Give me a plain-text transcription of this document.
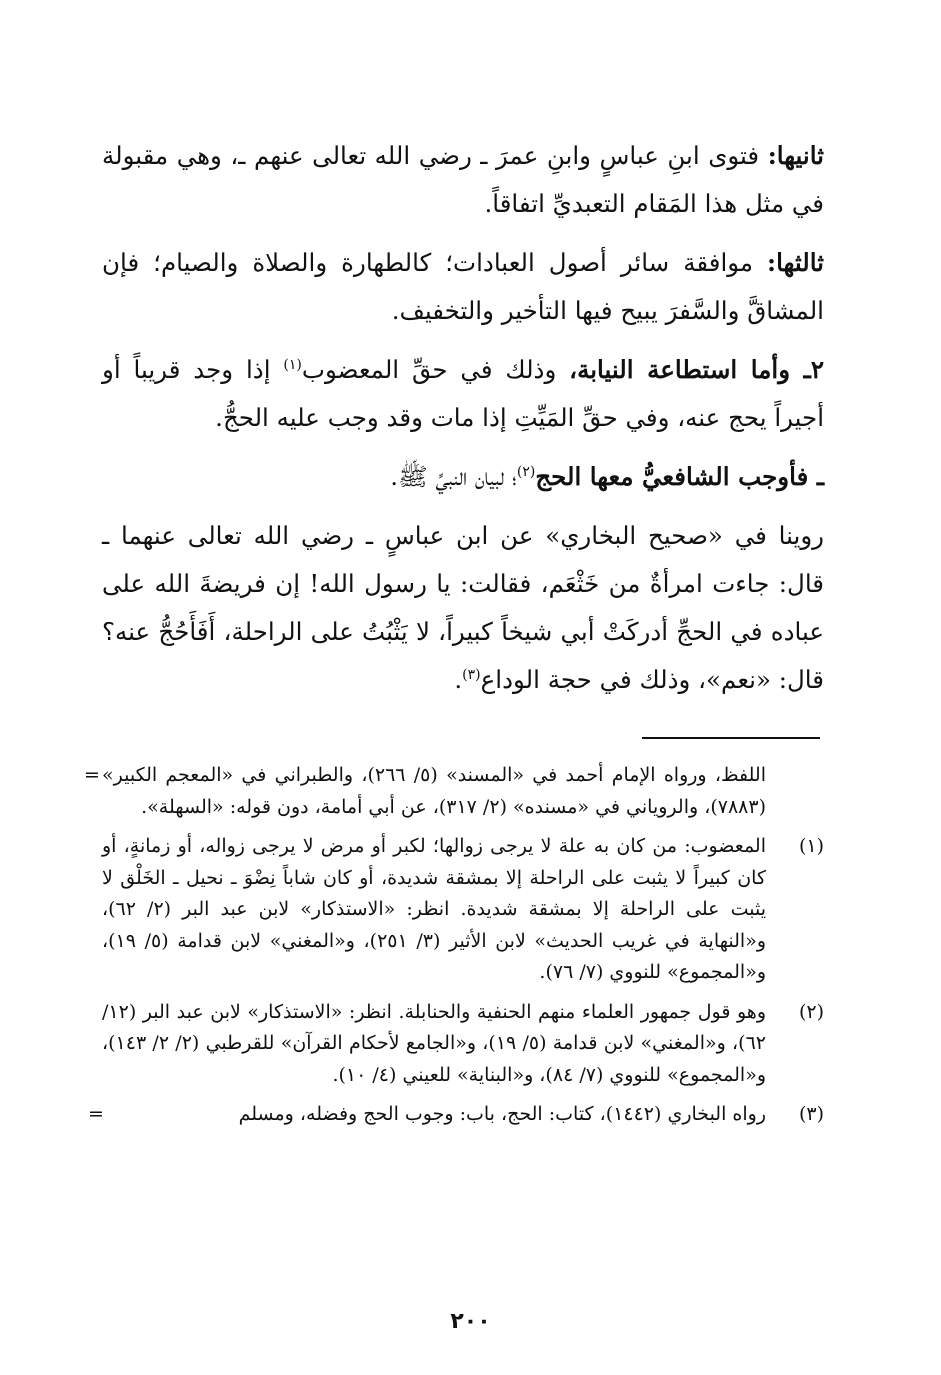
ثانيها: فتوى ابنِ عباسٍ وابنِ عمرَ ـ رضي الله تعالى عنهم ـ، وهي مقبولة في مثل هذا المَقام التعبديِّ اتفاقاً.

ثالثها: موافقة سائر أصول العبادات؛ كالطهارة والصلاة والصيام؛ فإن المشاقَّ والسَّفرَ يبيح فيها التأخير والتخفيف.

٢ـ وأما استطاعة النيابة، وذلك في حقِّ المعضوب$^{(١)}$ إذا وجد قريباً أو أجيراً يحج عنه، وفي حقِّ المَيِّتِ إذا مات وقد وجب عليه الحجُّ.

ـ فأوجب الشافعيُّ معها الحج$^{(٢)}$؛ لبيان النبيِّ ﷺ.

روينا في «صحيح البخاري» عن ابن عباسٍ ـ رضي الله تعالى عنهما ـ قال: جاءت امرأةٌ من خَثْعَم، فقالت: يا رسول الله! إن فريضةَ الله على عباده في الحجِّ أدركَتْ أبي شيخاً كبيراً، لا يَثْبُتُ على الراحلة، أَفَأَحُجُّ عنه؟ قال: «نعم»، وذلك في حجة الوداع$^{(٣)}$.

= اللفظ، ورواه الإمام أحمد في «المسند» (٥/ ٢٦٦)، والطبراني في «المعجم الكبير» (٧٨٨٣)، والروياني في «مسنده» (٢/ ٣١٧)، عن أبي أمامة، دون قوله: «السهلة».
(١)
المعضوب: من كان به علة لا يرجى زوالها؛ لكبر أو مرض لا يرجى زواله، أو زمانةٍ، أو كان كبيراً لا يثبت على الراحلة إلا بمشقة شديدة، أو كان شاباً نِضْوَ ـ نحيل ـ الخَلْق لا يثبت على الراحلة إلا بمشقة شديدة. انظر: «الاستذكار» لابن عبد البر (٢/ ٦٢)، و«النهاية في غريب الحديث» لابن الأثير (٣/ ٢٥١)، و«المغني» لابن قدامة (٥/ ١٩)، و«المجموع» للنووي (٧/ ٧٦).
(٢)
وهو قول جمهور العلماء منهم الحنفية والحنابلة. انظر: «الاستذكار» لابن عبد البر (١٢/ ٦٢)، و«المغني» لابن قدامة (٥/ ١٩)، و«الجامع لأحكام القرآن» للقرطبي (٢/ ٢/ ١٤٣)، و«المجموع» للنووي (٧/ ٨٤)، و«البناية» للعيني (٤/ ١٠).
(٣)
رواه البخاري (١٤٤٢)، كتاب: الحج، باب: وجوب الحج وفضله، ومسلم
=
٢٠٠
